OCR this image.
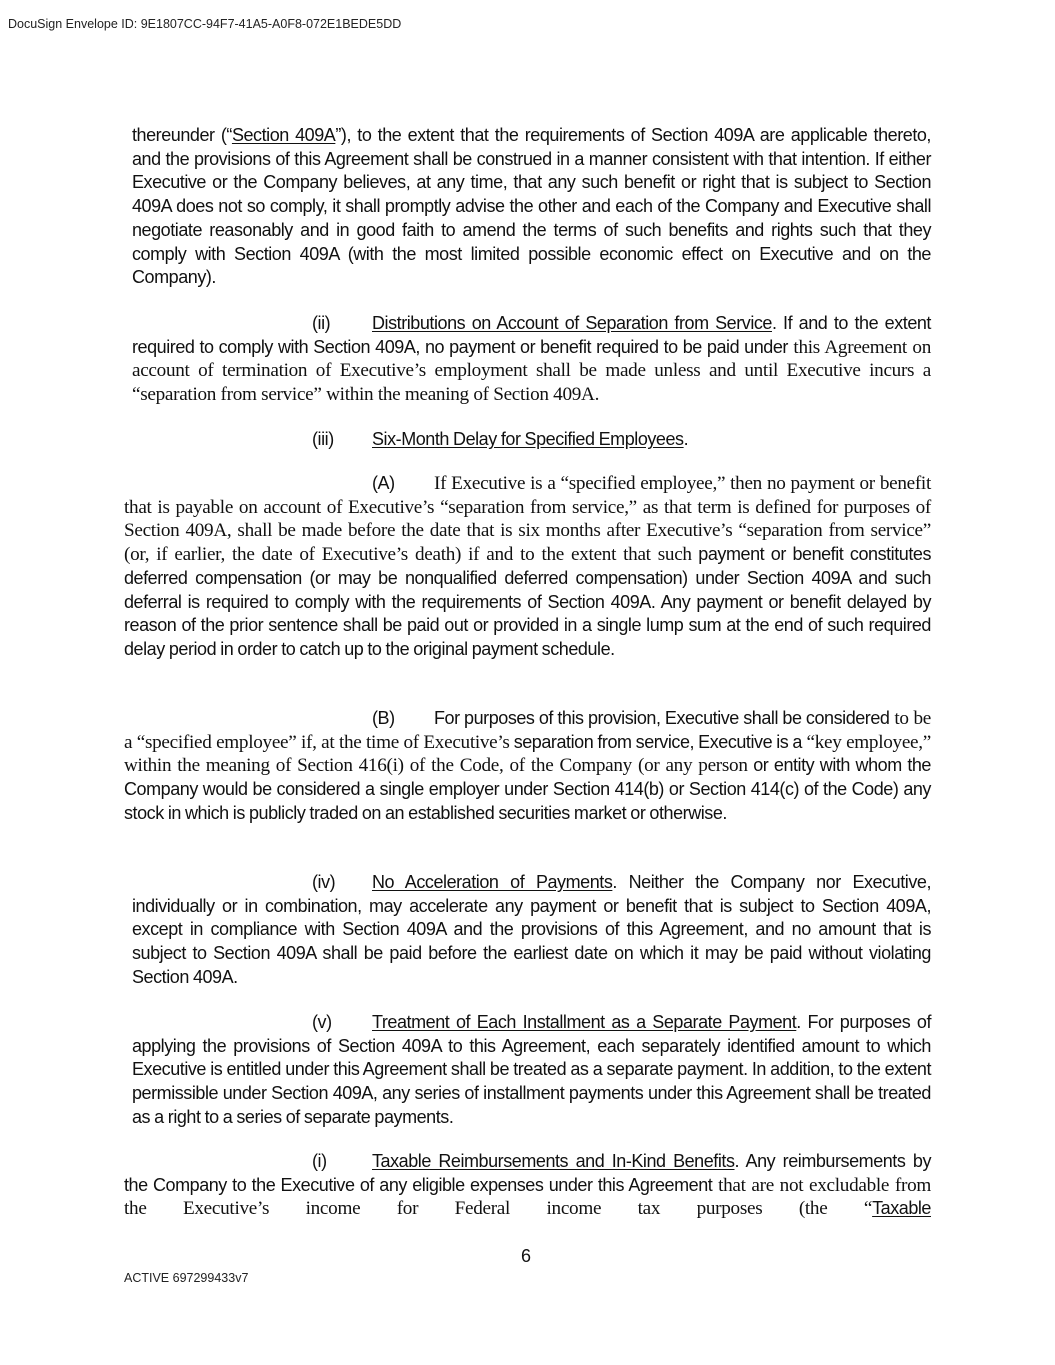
DocuSign Envelope ID: 9E1807CC-94F7-41A5-A0F8-072E1BEDE5DD
thereunder (“Section 409A”), to the extent that the requirements of Section 409A are applicable thereto, and the provisions of this Agreement shall be construed in a manner consistent with that intention. If either Executive or the Company believes, at any time, that any such benefit or right that is subject to Section 409A does not so comply, it shall promptly advise the other and each of the Company and Executive shall negotiate reasonably and in good faith to amend the terms of such benefits and rights such that they comply with Section 409A (with the most limited possible economic effect on Executive and on the Company).
(ii) Distributions on Account of Separation from Service. If and to the extent required to comply with Section 409A, no payment or benefit required to be paid under this Agreement on account of termination of Executive’s employment shall be made unless and until Executive incurs a “separation from service” within the meaning of Section 409A.
(iii) Six-Month Delay for Specified Employees.
(A) If Executive is a “specified employee,” then no payment or benefit that is payable on account of Executive’s “separation from service,” as that term is defined for purposes of Section 409A, shall be made before the date that is six months after Executive’s “separation from service” (or, if earlier, the date of Executive’s death) if and to the extent that such payment or benefit constitutes deferred compensation (or may be nonqualified deferred compensation) under Section 409A and such deferral is required to comply with the requirements of Section 409A. Any payment or benefit delayed by reason of the prior sentence shall be paid out or provided in a single lump sum at the end of such required delay period in order to catch up to the original payment schedule.
(B) For purposes of this provision, Executive shall be considered to be a “specified employee” if, at the time of Executive’s separation from service, Executive is a “key employee,” within the meaning of Section 416(i) of the Code, of the Company (or any person or entity with whom the Company would be considered a single employer under Section 414(b) or Section 414(c) of the Code) any stock in which is publicly traded on an established securities market or otherwise.
(iv) No Acceleration of Payments. Neither the Company nor Executive, individually or in combination, may accelerate any payment or benefit that is subject to Section 409A, except in compliance with Section 409A and the provisions of this Agreement, and no amount that is subject to Section 409A shall be paid before the earliest date on which it may be paid without violating Section 409A.
(v) Treatment of Each Installment as a Separate Payment. For purposes of applying the provisions of Section 409A to this Agreement, each separately identified amount to which Executive is entitled under this Agreement shall be treated as a separate payment. In addition, to the extent permissible under Section 409A, any series of installment payments under this Agreement shall be treated as a right to a series of separate payments.
(i)	Taxable Reimbursements and In-Kind Benefits. Any reimbursements by the Company to the Executive of any eligible expenses under this Agreement that are not excludable from the Executive’s income for Federal income tax purposes (the “Taxable
6
ACTIVE 697299433v7
